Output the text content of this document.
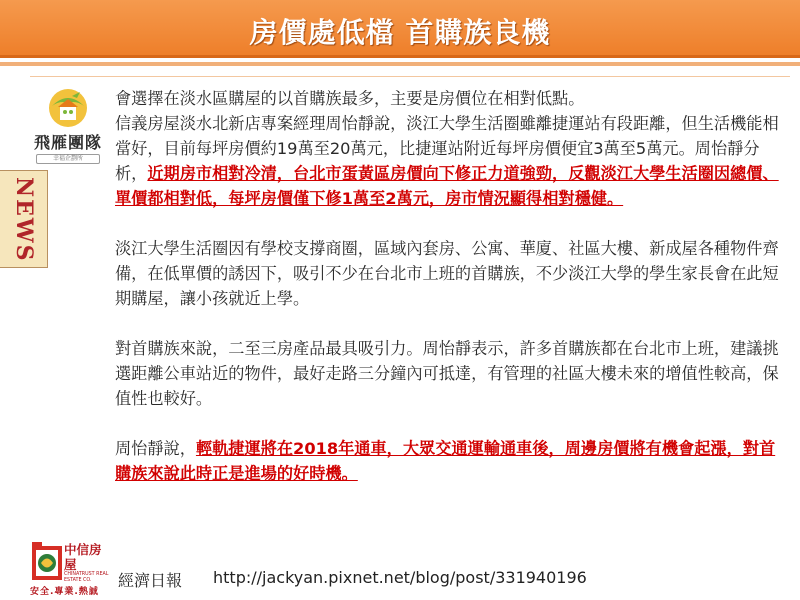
房價處低檔 首購族良機
飛雁團隊
幸福企劃所
NEWS
會選擇在淡水區購屋的以首購族最多，主要是房價位在相對低點。
信義房屋淡水北新店專案經理周怡靜說，淡江大學生活圈雖離捷運站有段距離，但生活機能相當好，目前每坪房價約19萬至20萬元，比捷運站附近每坪房價便宜3萬至5萬元。周怡靜分析，近期房市相對冷清，台北市蛋黃區房價向下修正力道強勁，反觀淡江大學生活圈因總價、單價都相對低，每坪房價僅下修1萬至2萬元，房市情況顯得相對穩健。
淡江大學生活圈因有學校支撐商圈，區域內套房、公寓、華廈、社區大樓、新成屋各種物件齊備，在低單價的誘因下，吸引不少在台北市上班的首購族，不少淡江大學的學生家長會在此短期購屋，讓小孩就近上學。
對首購族來說，二至三房產品最具吸引力。周怡靜表示，許多首購族都在台北市上班，建議挑選距離公車站近的物件，最好走路三分鐘內可抵達，有管理的社區大樓未來的增值性較高，保值性也較好。
周怡靜說，輕軌捷運將在2018年通車，大眾交通運輸通車後，周邊房價將有機會起漲，對首購族來說此時正是進場的好時機。
中信房屋
CHINATRUST REAL ESTATE CO.
安全.專業.熱誠
經濟日報 http://jackyan.pixnet.net/blog/post/331940196
